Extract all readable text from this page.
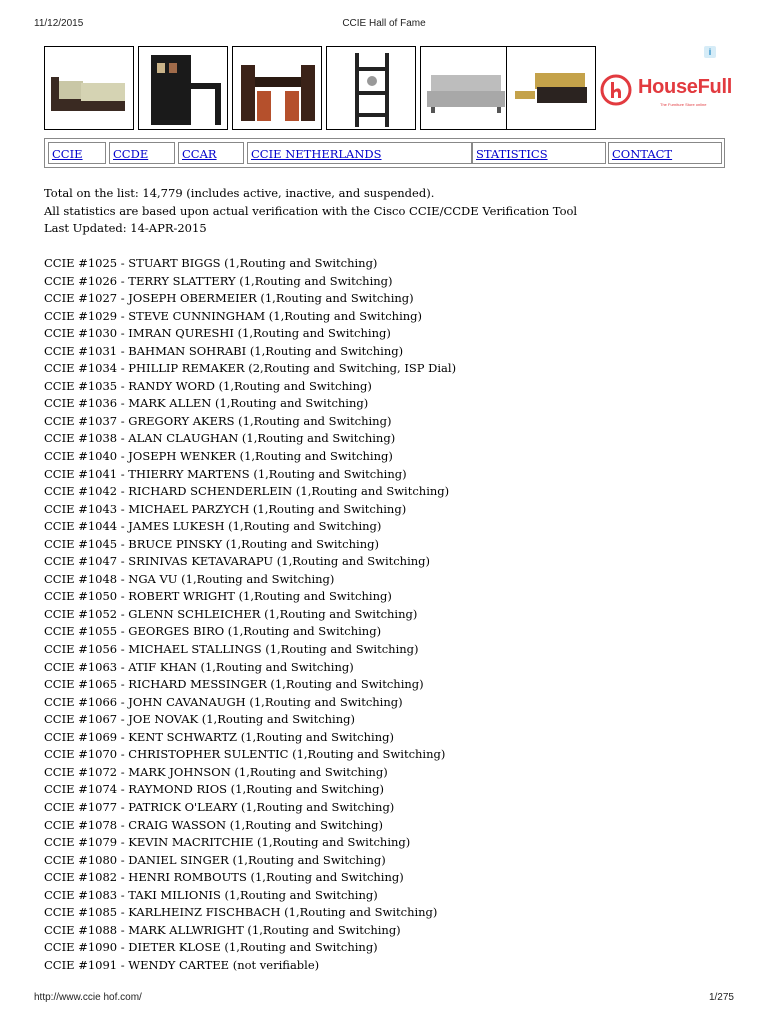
11/12/2015	CCIE Hall of Fame
HouseFull
The Furniture Store online
i
CCIE	CCDE	CCAR	CCIE NETHERLANDS	STATISTICS	CONTACT
Total on the list: 14,779 (includes active, inactive, and suspended).
All statistics are based upon actual verification with the Cisco CCIE/CCDE Verification Tool
Last Updated: 14-APR-2015
CCIE #1025 - STUART BIGGS (1,Routing and Switching)
CCIE #1026 - TERRY SLATTERY (1,Routing and Switching)
CCIE #1027 - JOSEPH OBERMEIER (1,Routing and Switching)
CCIE #1029 - STEVE CUNNINGHAM (1,Routing and Switching)
CCIE #1030 - IMRAN QURESHI (1,Routing and Switching)
CCIE #1031 - BAHMAN SOHRABI (1,Routing and Switching)
CCIE #1034 - PHILLIP REMAKER (2,Routing and Switching, ISP Dial)
CCIE #1035 - RANDY WORD (1,Routing and Switching)
CCIE #1036 - MARK ALLEN (1,Routing and Switching)
CCIE #1037 - GREGORY AKERS (1,Routing and Switching)
CCIE #1038 - ALAN CLAUGHAN (1,Routing and Switching)
CCIE #1040 - JOSEPH WENKER (1,Routing and Switching)
CCIE #1041 - THIERRY MARTENS (1,Routing and Switching)
CCIE #1042 - RICHARD SCHENDERLEIN (1,Routing and Switching)
CCIE #1043 - MICHAEL PARZYCH (1,Routing and Switching)
CCIE #1044 - JAMES LUKESH (1,Routing and Switching)
CCIE #1045 - BRUCE PINSKY (1,Routing and Switching)
CCIE #1047 - SRINIVAS KETAVARAPU (1,Routing and Switching)
CCIE #1048 - NGA VU (1,Routing and Switching)
CCIE #1050 - ROBERT WRIGHT (1,Routing and Switching)
CCIE #1052 - GLENN SCHLEICHER (1,Routing and Switching)
CCIE #1055 - GEORGES BIRO (1,Routing and Switching)
CCIE #1056 - MICHAEL STALLINGS (1,Routing and Switching)
CCIE #1063 - ATIF KHAN (1,Routing and Switching)
CCIE #1065 - RICHARD MESSINGER (1,Routing and Switching)
CCIE #1066 - JOHN CAVANAUGH (1,Routing and Switching)
CCIE #1067 - JOE NOVAK (1,Routing and Switching)
CCIE #1069 - KENT SCHWARTZ (1,Routing and Switching)
CCIE #1070 - CHRISTOPHER SULENTIC (1,Routing and Switching)
CCIE #1072 - MARK JOHNSON (1,Routing and Switching)
CCIE #1074 - RAYMOND RIOS (1,Routing and Switching)
CCIE #1077 - PATRICK O'LEARY (1,Routing and Switching)
CCIE #1078 - CRAIG WASSON (1,Routing and Switching)
CCIE #1079 - KEVIN MACRITCHIE (1,Routing and Switching)
CCIE #1080 - DANIEL SINGER (1,Routing and Switching)
CCIE #1082 - HENRI ROMBOUTS (1,Routing and Switching)
CCIE #1083 - TAKI MILIONIS (1,Routing and Switching)
CCIE #1085 - KARLHEINZ FISCHBACH (1,Routing and Switching)
CCIE #1088 - MARK ALLWRIGHT (1,Routing and Switching)
CCIE #1090 - DIETER KLOSE (1,Routing and Switching)
CCIE #1091 - WENDY CARTEE (not verifiable)
http://www.ccie hof.com/	1/275
